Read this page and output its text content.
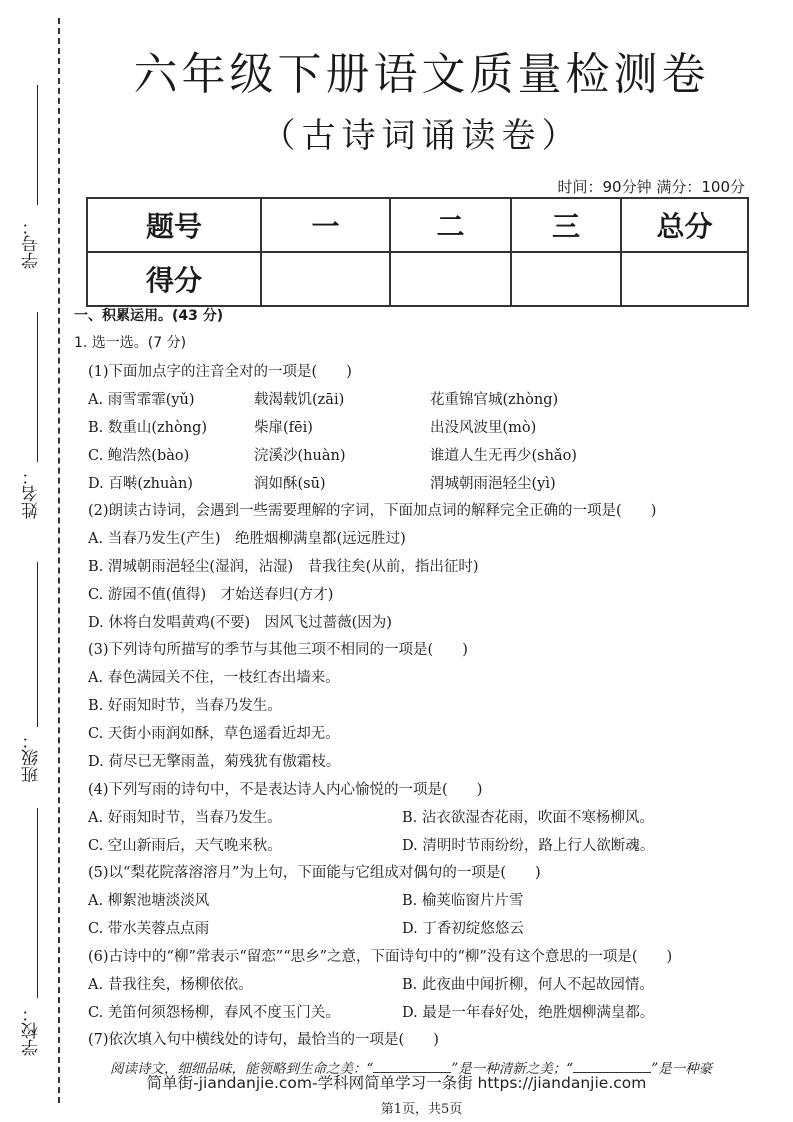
学号：
姓名：
班级：
学校：
六年级下册语文质量检测卷
（古诗词诵读卷）
时间：90分钟 满分：100分
题号	一	二	三	总分
得分				
一、积累运用。(43 分)
1. 选一选。(7 分)
(1)下面加点字的注音全对的一项是(　　)
A. 雨雪霏霏(yǔ)	载渴载饥(zāi)	花重锦官城(zhòng)
B. 数重山(zhòng)	柴扉(fēi)	出没风波里(mò)
C. 鲍浩然(bào)	浣溪沙(huàn)	谁道人生无再少(shǎo)
D. 百啭(zhuàn)	润如酥(sū)	渭城朝雨浥轻尘(yì)
(2)朗读古诗词，会遇到一些需要理解的字词，下面加点词的解释完全正确的一项是(　　)
A. 当春乃发生(产生)　绝胜烟柳满皇都(远远胜过)
B. 渭城朝雨浥轻尘(湿润，沾湿)　昔我往矣(从前，指出征时)
C. 游园不值(值得)　才始送春归(方才)
D. 休将白发唱黄鸡(不要)　因风飞过蔷薇(因为)
(3)下列诗句所描写的季节与其他三项不相同的一项是(　　)
A. 春色满园关不住，一枝红杏出墙来。
B. 好雨知时节，当春乃发生。
C. 天街小雨润如酥，草色遥看近却无。
D. 荷尽已无擎雨盖，菊残犹有傲霜枝。
(4)下列写雨的诗句中，不是表达诗人内心愉悦的一项是(　　)
A. 好雨知时节，当春乃发生。	B. 沾衣欲湿杏花雨，吹面不寒杨柳风。
C. 空山新雨后，天气晚来秋。	D. 清明时节雨纷纷，路上行人欲断魂。
(5)以“梨花院落溶溶月”为上句，下面能与它组成对偶句的一项是(　　)
A. 柳絮池塘淡淡风	B. 榆荚临窗片片雪
C. 带水芙蓉点点雨	D. 丁香初绽悠悠云
(6)古诗中的“柳”常表示“留恋”“思乡”之意，下面诗句中的“柳”没有这个意思的一项是(　　)
A. 昔我往矣，杨柳依依。	B. 此夜曲中闻折柳，何人不起故园情。
C. 羌笛何须怨杨柳，春风不度玉门关。	D. 最是一年春好处，绝胜烟柳满皇都。
(7)依次填入句中横线处的诗句，最恰当的一项是(　　)
阅读诗文，细细品味，能领略到生命之美：“	”是一种清新之美；“	”是一种豪
简单街-jiandanjie.com-学科网简单学习一条街 https://jiandanjie.com
第1页，共5页
